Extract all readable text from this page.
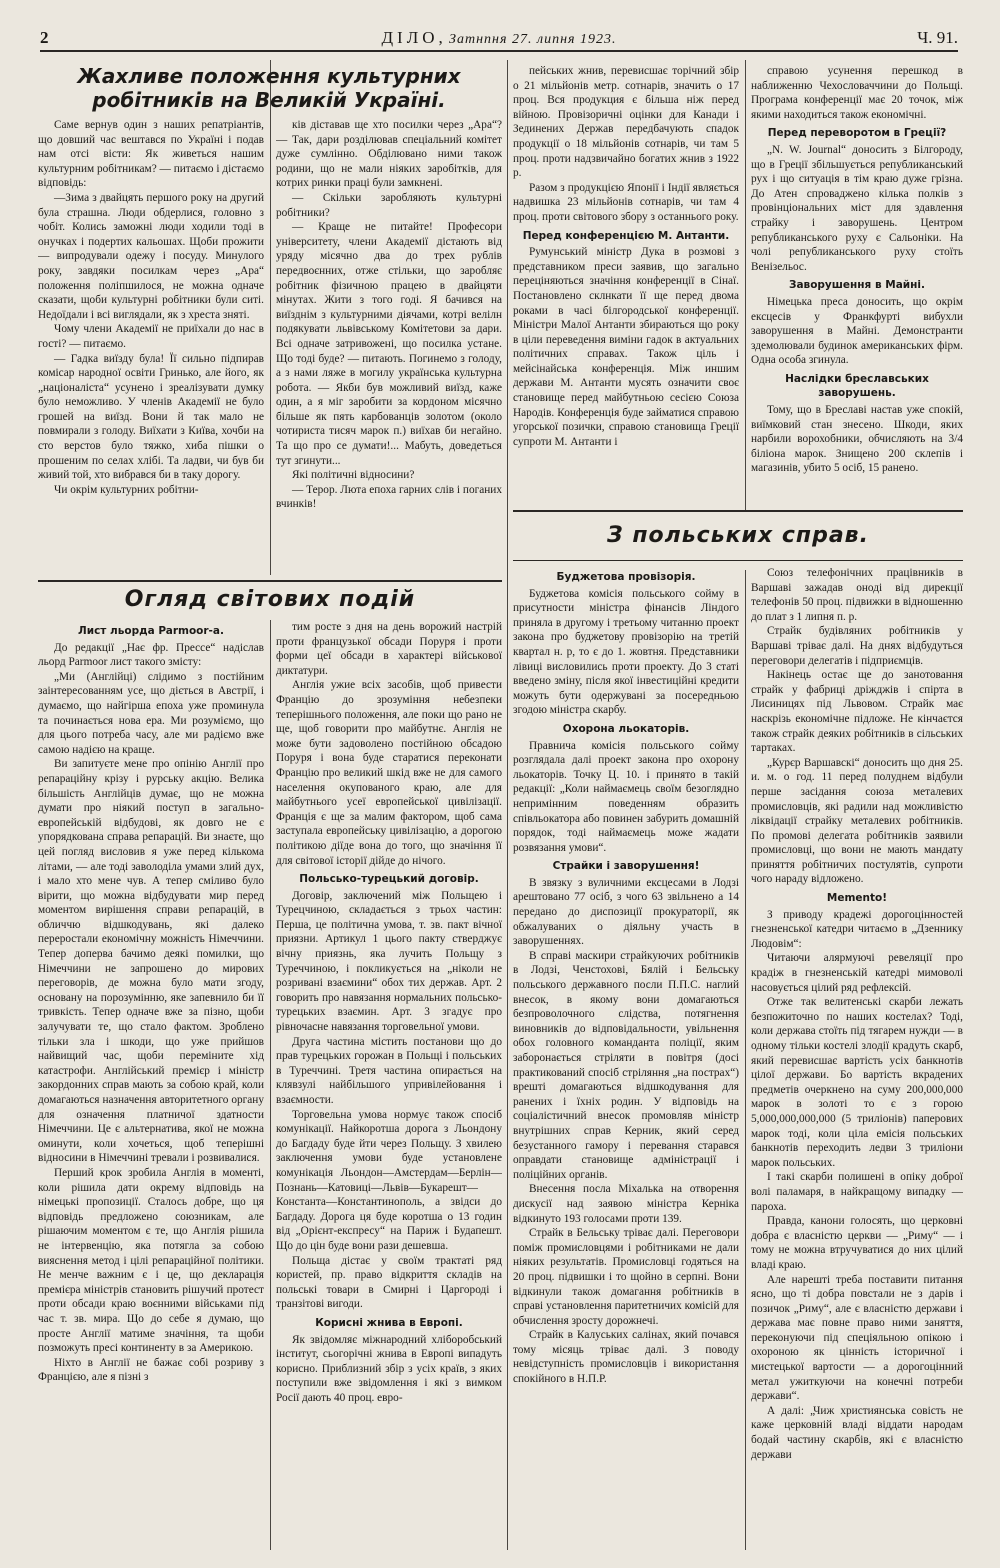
2	ДІЛО, Затнпня 27. липня 1923.	Ч. 91.
Жахливе положення культурних робітників на Великій Україні.

Саме вернув один з наших репатріантів, що довший час вештався по Україні і подав нам отсі вісти: Як живеться нашим культурним робітникам? — питаємо і дістаємо відповідь:

—Зима з двайцять першого року на другий була страшна. Люди обдерлися, головно з чобіт. Колись заможні люди ходили тоді в онучках і подертих кальошах. Щоби прожити — випродували одежу і посуду. Минулого року, завдяки посилкам через „Ара“ положення поліпшилося, не можна одначе сказати, щоби культурні робітники були ситі. Недоїдали і всі виглядали, як з хреста зняті.

Чому члени Академії не приїхали до нас в гості? — питаємо.

— Гадка виїзду була! Її сильно підпирав комісар народної освіти Гринько, але його, як „націоналіста“ усунено і зреалізувати думку було неможливо. У членів Академії не було грошей на виїзд. Вони й так мало не повмирали з голоду. Виїхати з Київа, хочби на сто верстов було тяжко, хиба пішки о прошеним по селах хлібі. Та ладви, чи був би живий той, хто вибрався би в таку дорогу.

Чи окрім культурних робітни-

ків діставав ще хто посилки через „Ара“? — Так, дари розділював спеціальний комітет дуже сумлінно. Обділювано ними також родини, що не мали ніяких заробітків, для котрих ринки праці були замкнені.

— Скільки заробляють культурні робітники?

— Краще не питайте! Професори університету, члени Академії дістають від уряду місячно два до трех рублів передвоєнних, отже стільки, що заробляє робітник фізичною працею в двайцяти мінутах. Жити з того годі. Я бачився на виїзднім з культурними діячами, котрі велілн подякувати львівському Комітетови за дари. Всі одначе затривожені, що посилка устане. Що тоді буде? — питають. Погинемо з голоду, а з нами ляже в могилу українська культурна робота. — Якби був можливий виїзд, каже один, а я міг заробити за кордоном місячно більше як пять карбованців золотом (около чотириста тисяч марок п.) виїхав би негайно. Та що про се думати!... Мабуть, доведеться тут згинути...

Які політичні відносини?

— Терор. Люта епоха гарних слів і поганих вчинків!

пейських жнив, перевисшає торічний збір о 21 мільйонів метр. сотнарів, значить о 17 проц. Вся продукция є більша ніж перед війною. Провізоричні оцінки для Канади і Зединених Держав передбачують спадок продукції о 18 мільйонів сотнарів, чи там 5 проц. проти надзвичайно богатих жнив з 1922 р.

Разом з продукцією Японії і Індії являється надвишка 23 мільйонів сотнарів, чи там 4 проц. проти світового збору з останнього року.

Перед конференцією М. Антанти.

Румунський міністр Дука в розмові з представником преси заявив, що загально переціняються значіння конференції в Сінаї. Постановлено склнкати її ще перед двома роками в часі білгородської конференції. Міністри Малої Антанти збираються що року в ціли переведення виміни гадок в актуальних політичних справах. Також ціль і мейсінайська конференція. Між иншим держави М. Антанти мусять означити своє становище перед майбутньою сесією Союза Народів. Конференція буде займатися справою угорської позички, справою становища Греції супроти М. Антанти і

справою усунення перешкод в наближенню Чехословаччини до Польщі. Програма конференції має 20 точок, між якими находиться також економічні.

Перед переворотом в Греції?

„N. W. Journal“ доносить з Білгороду, що в Греції збільшується републиканський рух і що ситуація в тім краю дуже грізна. До Атен спроваджено кілька полків з провінціональних міст для здавлення страйку і заворушень. Центром републиканського руху є Сальоніки. На чолі републиканського руху стоїть Венізельос.

Заворушення в Майні.

Німецька преса доносить, що окрім ексцесів у Франкфурті вибухли заворушення в Майні. Демонстранти здемолювали будинок американських фірм. Одна особа згинула.

Наслідки бреславських заворушень.

Тому, що в Бреславі настав уже спокій, виїмковий стан знесено. Шкоди, яких нарбили ворохобники, обчисляють на 3/4 біліона марок. Знищено 200 склепів і магазинів, убито 5 осіб, 15 ранено.

Огляд світових подій
Лист льорда Parmoor-а.

До редакції „Нає фр. Прессе“ надіслав льорд Parmoor лист такого змісту:

„Ми (Англійці) слідимо з постійним заінтересованням усе, що діється в Австрії, і думаємо, що найгірша епоха уже проминула та починається нова ера. Ми розуміємо, що для цього потреба часу, але ми радіємо вже самою надією на краще.

Ви запитуєте мене про опінію Англії про репараційну крізу і рурську акцію. Велика більшість Англійців думає, що не можна думати про ніякий поступ в загально-европейській відбудові, як довго не є упорядкована справа репарацій. Ви знаєте, що цей погляд висловив я уже перед кількома літами, — але тоді заволоділа умами злий дух, і мало хто мене чув. А тепер сміливо було вірити, що можна відбудувати мир перед моментом вирішення справи репарацій, в обличчю відшкодувань, які далеко переростали економічну можність Німеччини. Тепер доперва бачимо деякі помилки, що Німеччини не запрошено до мирових переговорів, де можна було мати згоду, основану на порозумінню, яке запевнило би її тривкість. Тепер одначе вже за пізно, щоби залучувати те, що стало фактом. Зроблено тільки зла і шкоди, що уже прийшов найвищий час, щоби переміните хід катастрофи. Англійський премієр і міністр закордонних справ мають за собою край, коли домагаються назначення авторитетного органу для означення платничої здатности Німеччини. Це є альтернатива, якої не можна оминути, коли хочеться, щоб теперішні відносини в Німеччині тревали і розвивалися.

Перший крок зробила Англія в моменті, коли рішила дати окрему відповідь на німецькі пропозиції. Сталось добре, що ця відповідь предложено союзникам, але рішаючим моментом є те, що Англія рішила не інтервенцію, яка потягла за собою вияснення метод і цілі репараційної політики. Не менче важним є і це, що декларація премієра міністрів становить рішучий протест проти обсади краю воєнними військами під час т. зв. мира. Що до себе я думаю, що просте Англії матиме значіння, та щоби позможуть пресі континенту в за Америкою.

Ніхто в Англії не бажає собі розриву з Францією, але я пізні з

тим росте з дня на день ворожий настрій проти французької обсади Поруря і проти форми цеї обсади в характері військової диктатури.

Англія ужие всіх засобів, щоб привести Францію до зрозуміння небезпеки теперішнього положення, але поки що рано не ще, щоб говорити про майбутнє. Англія не може бути задоволено постійною обсадою Поруря і вона буде старатися переконати Францію про великий шкід вже не для самого населення окупованого краю, але для майбутнього усеї европейської цивілізації. Франція є ще за малим фактором, щоб сама заступала европейську цивілізацію, а дорогою політикою діїде вона до того, що значіння її для світової історії дійде до нічого.

Польсько-турецький договір.

Договір, заключений між Польщею і Турецчиною, складається з трьох частин: Перша, це політична умова, т. зв. пакт вічної приязни. Артикул 1 цього пакту стверджує вічну приязнь, яка лучить Польщу з Туреччиною, і покликується на „ніколи не розривані взаємини“ обох тих держав. Арт. 2 говорить про навязання нормальних польсько-турецьких взаємин. Арт. 3 згадує про рівночасне навязання торговельної умови.

Друга частина містить постанови що до прав турецьких горожан в Польщі і польських в Туреччині. Третя частина опирається на клявзулі найбільшого упривілейовання і взаємности.

Торговельна умова нормує також спосіб комунікації. Найкоротша дорога з Льондону до Багдаду буде йти через Польщу. З хвилею заключення умови буде установлене комунікація Льондон—Амстердам—Берлін—Познань—Катовиці—Львів—Букарешт—Константа—Константинополь, а звідси до Багдаду. Дорога ця буде коротша о 13 годин від „Орієнт-експресу“ на Париж і Будапешт. Що до цін буде вони рази дешевша.

Польща дістає у своїм трактаті ряд користей, пр. право відкриття складів на польські товари в Смирні і Царгороді і транзітові вигоди.

Корисні жнива в Европі.

Як звідомляє міжнародний хліборобський інститут, сьогорічні жнива в Европі випадуть корисно. Приблизний збір з усіх країв, з яких поступили вже звідомлення і які з вимком Росії дають 40 проц. евро-

З польських справ.
Буджетова провізорія.

Буджетова комісія польського сойму в присутности міністра фінансів Ліндого приняла в другому і третьому читанню проект закона про буджетову провізорію на третій квартал н. р, то є до 1. жовтня. Представники лівиці висловились проти проекту. До 3 статі введено зміну, після якої інвестиційні кредити можуть бути одержувані за посередньою згодою міністра скарбу.

Охорона льокаторів.

Правнича комісія польського сойму розглядала далі проект закона про охорону льокаторів. Точку Ц. 10. і принято в такій редакції: „Коли наймаємець своїм безоглядно непримінним поведенням образить співльокатора або повинен забурить домашній порядок, тоді наймаємець може жадати розвязання умови“.

Страйки і заворушення!

В звязку з вуличними ексцесами в Лодзі арештовано 77 осіб, з чого 63 звільнено а 14 передано до диспозиції прокураторії, як обжалуваних о діяльну участь в заворушеннях.

В справі маскири страйкуючих робітників в Лодзі, Ченстохові, Бялій і Бельську польського державного посли П.П.С. наглий внесок, в якому вони домагаються безпроволочного слідства, потягнення виновників до відповідальности, увільнення обох головного команданта поліції, яким заборонається стріляти в повітря (досі практикований спосіб стріляння „на пострах“) врешті домагаються відшкодування для ранених і їхніх родин. У відповідь на соціалістичний внесок промовляв міністр внутрішних справ Керник, який серед безустанного гамору і перевання старався оправдати становище адміністрації і поліційних органів.

Внесення посла Міхалька на отворення дискусії над заявою міністра Керніка відкинуто 193 голосами проти 139.

Страйк в Бельську тріває далі. Переговори поміж промисловцями і робітниками не дали ніяких результатів. Промисловці годяться на 20 проц. підвишки і то щойно в серпні. Вони відкинули також домагання робітників в справі установлення паритетничих комісій для обчислення зросту дорожнечі.

Страйк в Калуських салінах, який почався тому місяць тріває далі. З поводу невідступність промисловців і використання спокійного в Н.П.Р.

Союз телефонічних працівників в Варшаві зажадав оноді від дирекції телефонів 50 проц. підвижки в відношенню до плат з 1 липня п. р.

Страйк будівляних робітників у Варшаві тріває далі. На днях відбудуться переговори делегатів і підприємців.

Накінець остає ще до занотовання страйк у фабриці дріжджів і спірта в Лисиницях під Львовом. Страйк має наскрізь економічне підложе. Не кінчаєтся також страйк деяких робітників в сільських тартаках.

„Курєр Варшавскі“ доносить що дня 25. и. м. о год. 11 перед полуднем відбули перше засідання союза металевих промисловців, які радили над можливістю ліквідації страйку металевих робітників. По промові делегата робітників заявили промисловці, що вони не мають мандату приняття робітничих постулятів, супроти чого нараду відложено.

Memento!

З приводу крадежі дорогоцінностей гнезненської катедри читаємо в „Дзеннику Людовім“:

Читаючи алярмуючі ревеляції про крадіж в гнезненській катедрі мимоволі насовується цілий ряд рефлексій.

Отже так велитенські скарби лежать безпожиточно по наших костелах? Тоді, коли держава стоїть під тягарем нужди — в одному тільки костелі злодії крадуть скарб, який перевисшає вартість усіх банкнотів цілої держави. Бо вартість вкрадених предметів очеркнено на суму 200,000,000 марок в золоті то є з горою 5,000,000,000,000 (5 триліонів) паперових марок тоді, коли ціла емісія польських банкнотів переходить ледви 3 триліони марок польських.

І такі скарби полишені в опіку доброї волі паламаря, в найкращому випадку — пароха.

Правда, канони голосять, що церковні добра є власністю церкви — „Риму“ — і тому не можна втручуватися до них цілий владі краю.

Але нарешті треба поставити питання ясно, що ті добра повстали не з дарів і позичок „Риму“, але є власністю держави і держава має повне право ними заняття, переконуючи під спеціяльною опікою і охороною як цінність історичної і мистецької вартости — а дорогоцінний метал ужиткуючи на конечні потреби держави“.

А далі: „Чиж християнська совість не каже церковній владі віддати народам бодай частину скарбів, які є власністю держави
